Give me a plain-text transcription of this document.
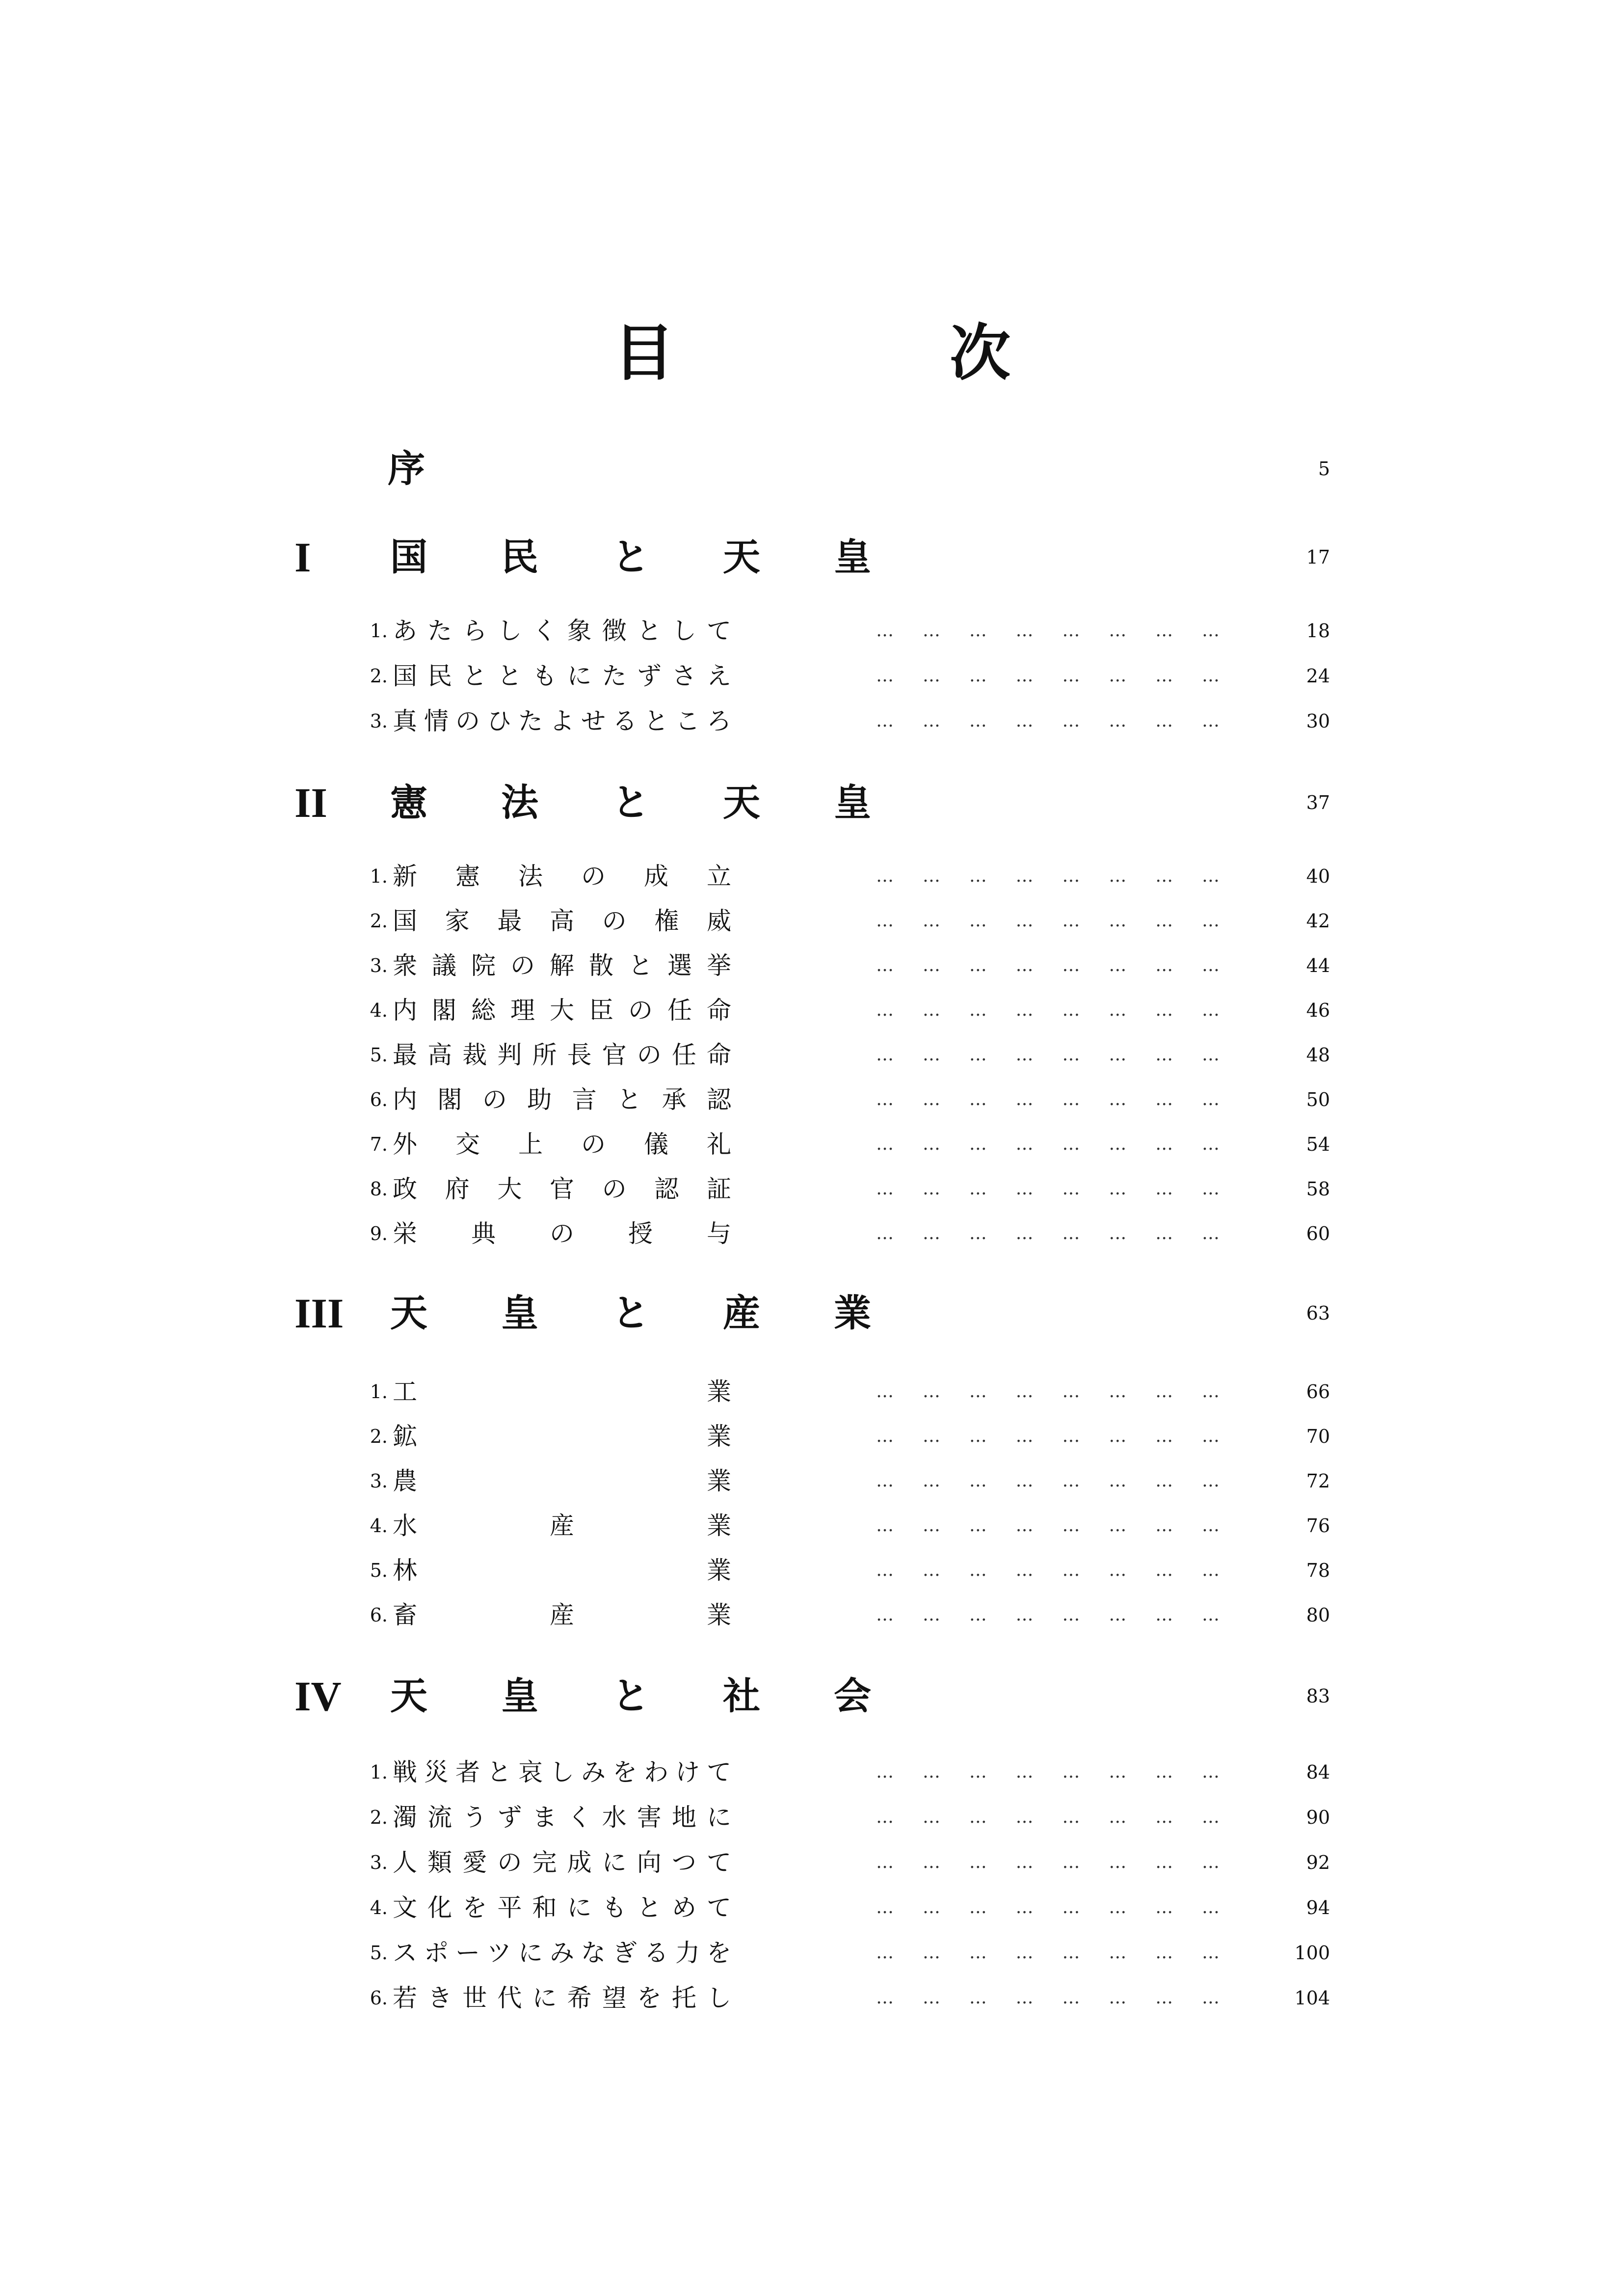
目	次
序	5
I 国 民 と 天 皇	17
1. あ た ら し く 象 徴 と し て	… … … … … … … …	18
2. 国 民 と と も に た ず さ え	… … … … … … … …	24
3. 真 情 の ひ た よ せ る と こ ろ	… … … … … … … …	30
II 憲 法 と 天 皇	37
1. 新 憲 法 の 成 立	… … … … … … … …	40
2. 国 家 最 高 の 権 威	… … … … … … … …	42
3. 衆 議 院 の 解 散 と 選 挙	… … … … … … … …	44
4. 内 閣 総 理 大 臣 の 任 命	… … … … … … … …	46
5. 最 高 裁 判 所 長 官 の 任 命	… … … … … … … …	48
6. 内 閣 の 助 言 と 承 認	… … … … … … … …	50
7. 外 交 上 の 儀 礼	… … … … … … … …	54
8. 政 府 大 官 の 認 証	… … … … … … … …	58
9. 栄 典 の 授 与	… … … … … … … …	60
III 天 皇 と 産 業	63
1. 工	業	… … … … … … … …	66
2. 鉱	業	… … … … … … … …	70
3. 農	業	… … … … … … … …	72
4. 水	産	業	… … … … … … … …	76
5. 林	業	… … … … … … … …	78
6. 畜	産	業	… … … … … … … …	80
IV 天 皇 と 社 会	83
1. 戦 災 者 と 哀 し み を わ け て	… … … … … … … …	84
2. 濁 流 う ず ま く 水 害 地 に	… … … … … … … …	90
3. 人 類 愛 の 完 成 に 向 つ て	… … … … … … … …	92
4. 文 化 を 平 和 に も と め て	… … … … … … … …	94
5. ス ポ ー ツ に み な ぎ る 力 を	… … … … … … … …	100
6. 若 き 世 代 に 希 望 を 托 し	… … … … … … … …	104
